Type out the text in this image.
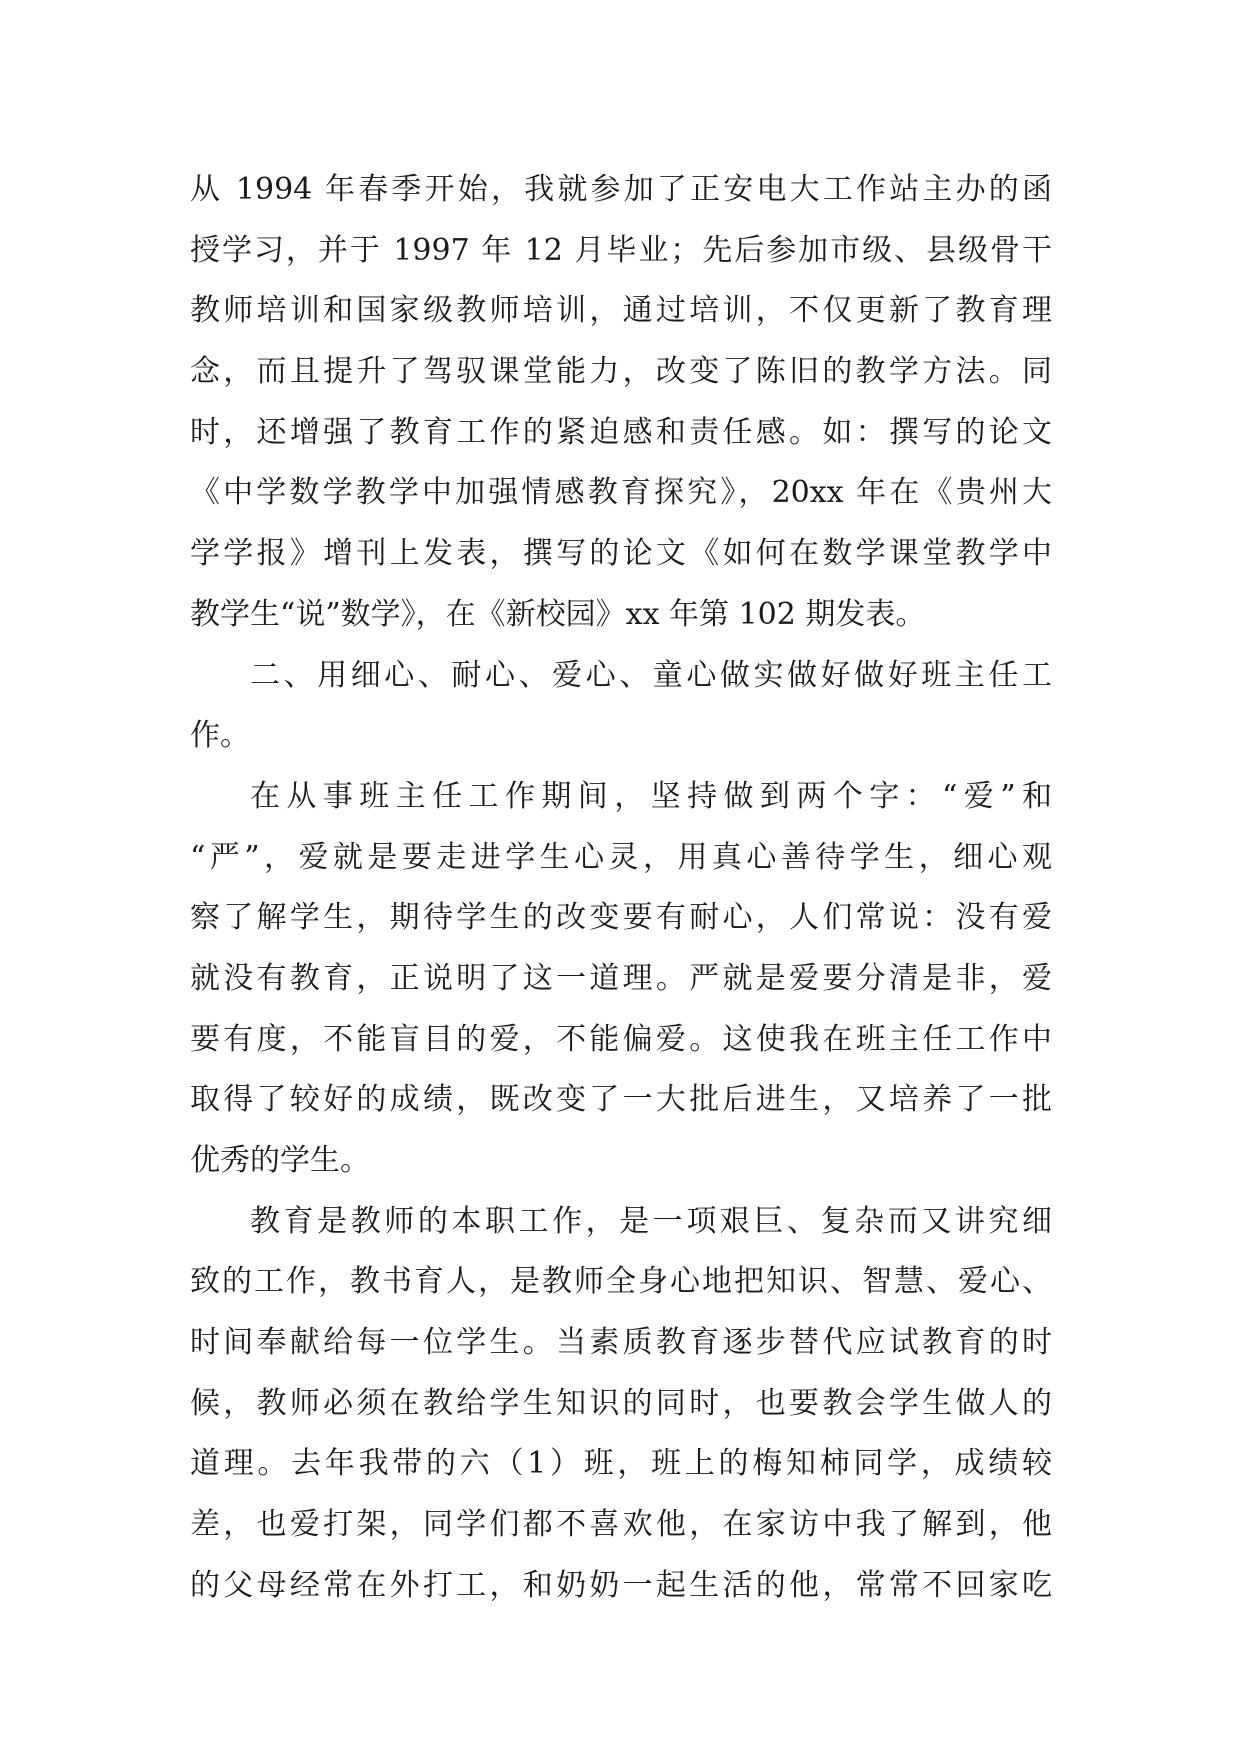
从 1994 年春季开始，我就参加了正安电大工作站主办的函
授学习，并于 1997 年 12 月毕业；先后参加市级、县级骨干
教师培训和国家级教师培训，通过培训，不仅更新了教育理
念，而且提升了驾驭课堂能力，改变了陈旧的教学方法。同
时，还增强了教育工作的紧迫感和责任感。如：撰写的论文
《中学数学教学中加强情感教育探究》，20xx 年在《贵州大
学学报》增刊上发表，撰写的论文《如何在数学课堂教学中
教学生“说”数学》，在《新校园》xx 年第 102 期发表。
二、用细心、耐心、爱心、童心做实做好做好班主任工
作。
在从事班主任工作期间，坚持做到两个字：“爱”和
“严”，爱就是要走进学生心灵，用真心善待学生，细心观
察了解学生，期待学生的改变要有耐心，人们常说：没有爱
就没有教育，正说明了这一道理。严就是爱要分清是非，爱
要有度，不能盲目的爱，不能偏爱。这使我在班主任工作中
取得了较好的成绩，既改变了一大批后进生，又培养了一批
优秀的学生。
教育是教师的本职工作，是一项艰巨、复杂而又讲究细
致的工作，教书育人，是教师全身心地把知识、智慧、爱心、
时间奉献给每一位学生。当素质教育逐步替代应试教育的时
候，教师必须在教给学生知识的同时，也要教会学生做人的
道理。去年我带的六（1）班，班上的梅知柿同学，成绩较
差，也爱打架，同学们都不喜欢他，在家访中我了解到，他
的父母经常在外打工，和奶奶一起生活的他，常常不回家吃
